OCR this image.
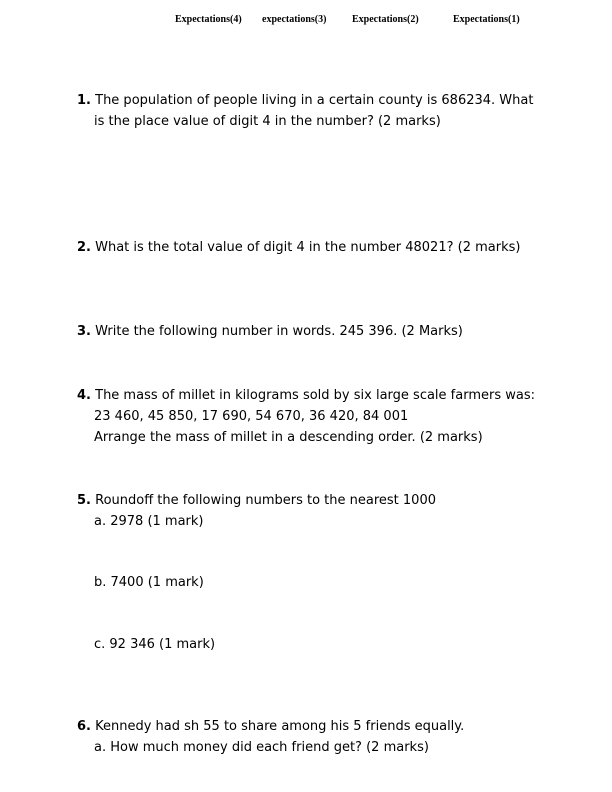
Expectations(4) expectations(3)	Expectations(2)	Expectations(1)
1. The population of people living in a certain county is 686234. What
is the place value of digit 4 in the number? (2 marks)
2. What is the total value of digit 4 in the number 48021? (2 marks)
3. Write the following number in words. 245 396. (2 Marks)
4. The mass of millet in kilograms sold by six large scale farmers was:
23 460, 45 850, 17 690, 54 670, 36 420, 84 001
Arrange the mass of millet in a descending order. (2 marks)
5. Roundoff the following numbers to the nearest 1000
a. 2978 (1 mark)
b. 7400 (1 mark)
c. 92 346 (1 mark)
6. Kennedy had sh 55 to share among his 5 friends equally.
a. How much money did each friend get? (2 marks)
